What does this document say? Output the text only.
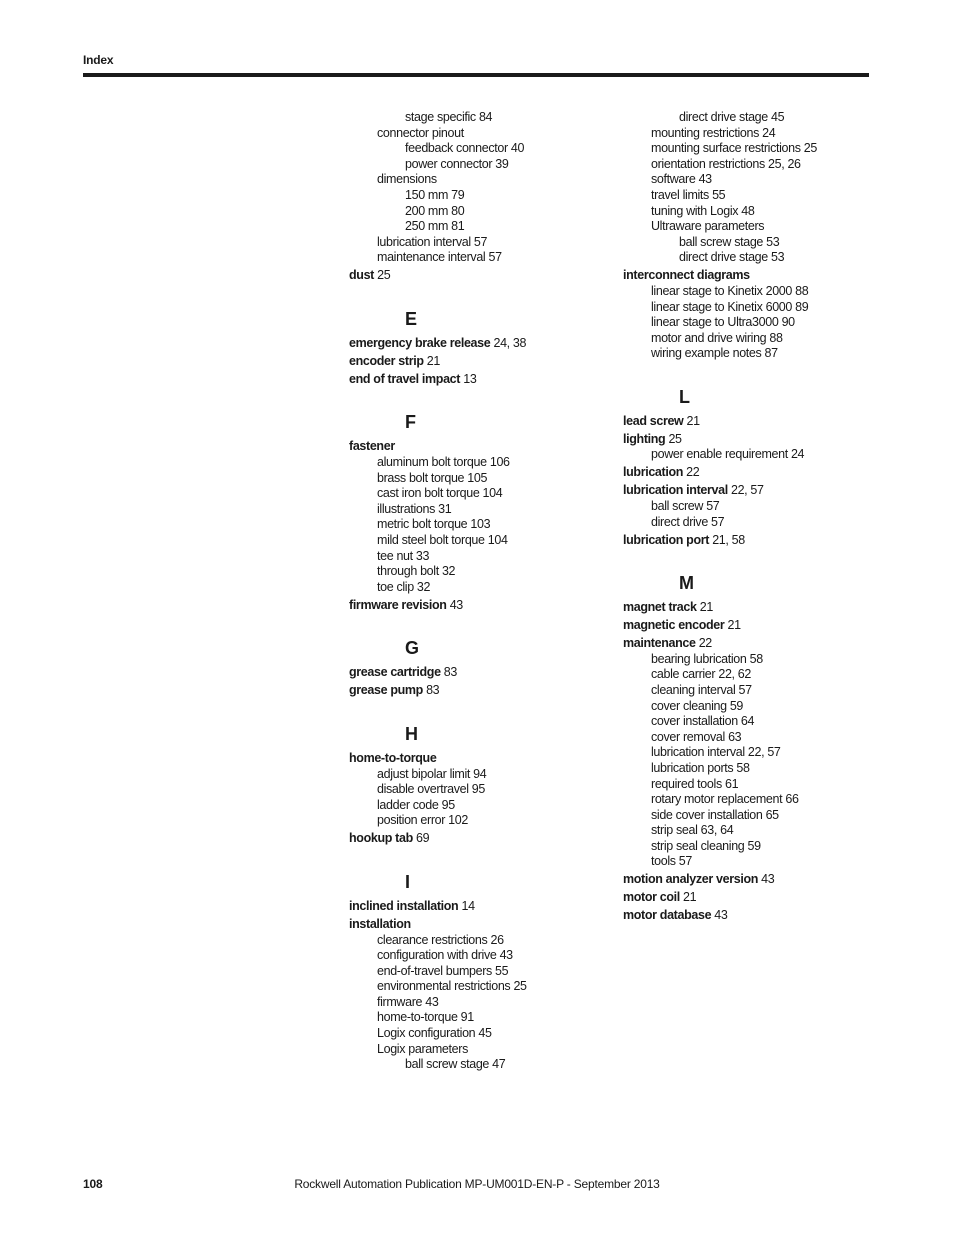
Index
stage specific 84
connector pinout
feedback connector 40
power connector 39
dimensions
150 mm 79
200 mm 80
250 mm 81
lubrication interval 57
maintenance interval 57
dust 25
E
emergency brake release 24, 38
encoder strip 21
end of travel impact 13
F
fastener
aluminum bolt torque 106
brass bolt torque 105
cast iron bolt torque 104
illustrations 31
metric bolt torque 103
mild steel bolt torque 104
tee nut 33
through bolt 32
toe clip 32
firmware revision 43
G
grease cartridge 83
grease pump 83
H
home-to-torque
adjust bipolar limit 94
disable overtravel 95
ladder code 95
position error 102
hookup tab 69
I
inclined installation 14
installation
clearance restrictions 26
configuration with drive 43
end-of-travel bumpers 55
environmental restrictions 25
firmware 43
home-to-torque 91
Logix configuration 45
Logix parameters
ball screw stage 47
direct drive stage 45
mounting restrictions 24
mounting surface restrictions 25
orientation restrictions 25, 26
software 43
travel limits 55
tuning with Logix 48
Ultraware parameters
ball screw stage 53
direct drive stage 53
interconnect diagrams
linear stage to Kinetix 2000 88
linear stage to Kinetix 6000 89
linear stage to Ultra3000 90
motor and drive wiring 88
wiring example notes 87
L
lead screw 21
lighting 25
power enable requirement 24
lubrication 22
lubrication interval 22, 57
ball screw 57
direct drive 57
lubrication port 21, 58
M
magnet track 21
magnetic encoder 21
maintenance 22
bearing lubrication 58
cable carrier 22, 62
cleaning interval 57
cover cleaning 59
cover installation 64
cover removal 63
lubrication interval 22, 57
lubrication ports 58
required tools 61
rotary motor replacement 66
side cover installation 65
strip seal 63, 64
strip seal cleaning 59
tools 57
motion analyzer version 43
motor coil 21
motor database 43
108	Rockwell Automation Publication MP-UM001D-EN-P - September 2013
